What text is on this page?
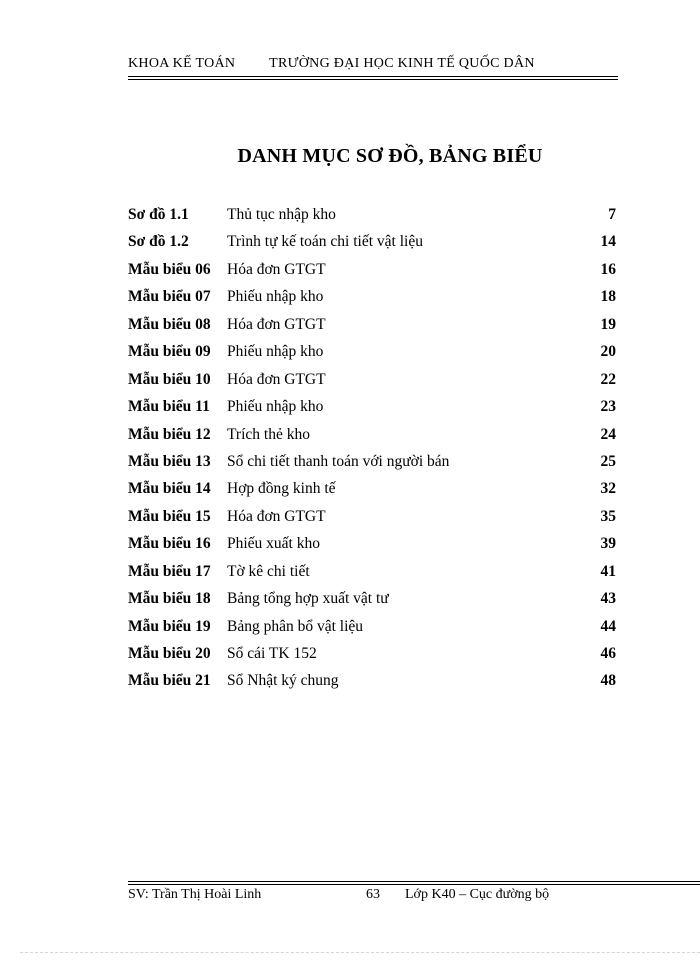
KHOA KẾ TOÁN TRƯỜNG ĐẠI HỌC KINH TẾ QUỐC DÂN
DANH MỤC SƠ ĐỒ, BẢNG BIỂU
Sơ đồ 1.1 Thủ tục nhập kho	7
Sơ đồ 1.2 Trình tự kế toán chi tiết vật liệu	14
Mẫu biểu 06 Hóa đơn GTGT	16
Mẫu biểu 07 Phiếu nhập kho	18
Mẫu biểu 08 Hóa đơn GTGT	19
Mẫu biểu 09 Phiếu nhập kho	20
Mẫu biểu 10 Hóa đơn GTGT	22
Mẫu biểu 11 Phiếu nhập kho	23
Mẫu biểu 12 Trích thẻ kho	24
Mẫu biểu 13 Sổ chi tiết thanh toán với người bán	25
Mẫu biểu 14 Hợp đồng kinh tế	32
Mẫu biểu 15 Hóa đơn GTGT	35
Mẫu biểu 16 Phiếu xuất kho	39
Mẫu biểu 17 Tờ kê chi tiết	41
Mẫu biểu 18 Bảng tổng hợp xuất vật tư	43
Mẫu biểu 19 Bảng phân bổ vật liệu	44
Mẫu biểu 20 Sổ cái TK 152	46
Mẫu biểu 21 Sổ Nhật ký chung	48
SV: Trần Thị Hoài Linh	63 Lớp K40 – Cục đường bộ
